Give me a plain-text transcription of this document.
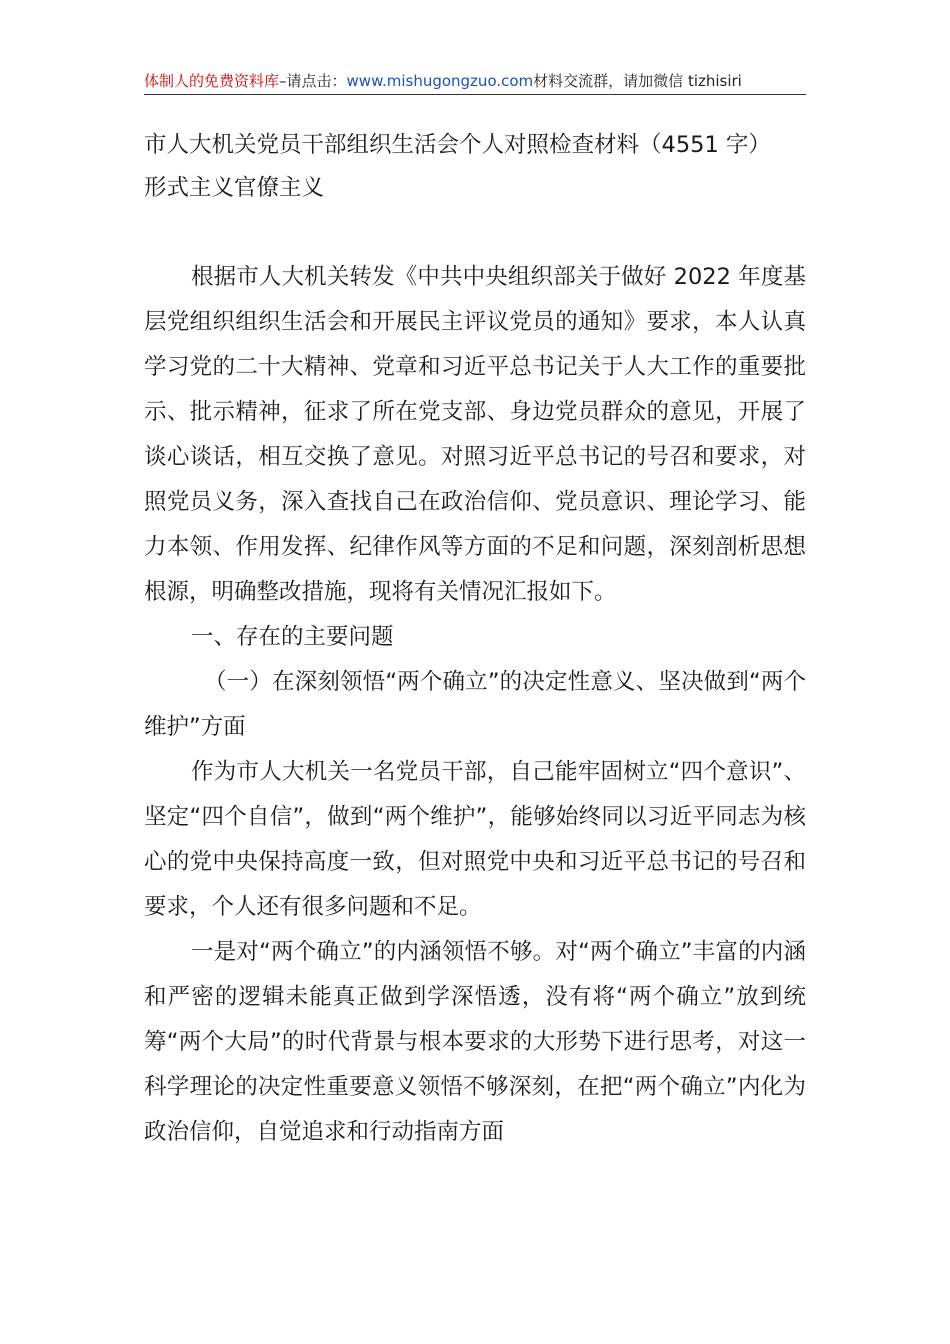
体制人的免费资料库–请点击：www.mishugongzuo.com材料交流群，请加微信 tizhisiri

市人大机关党员干部组织生活会个人对照检查材料（4551 字）

形式主义官僚主义

根据市人大机关转发《中共中央组织部关于做好 2022 年度基层党组织组织生活会和开展民主评议党员的通知》要求，本人认真学习党的二十大精神、党章和习近平总书记关于人大工作的重要批示、批示精神，征求了所在党支部、身边党员群众的意见，开展了谈心谈话，相互交换了意见。对照习近平总书记的号召和要求，对照党员义务，深入查找自己在政治信仰、党员意识、理论学习、能力本领、作用发挥、纪律作风等方面的不足和问题，深刻剖析思想根源，明确整改措施，现将有关情况汇报如下。

一、存在的主要问题

（一）在深刻领悟“两个确立”的决定性意义、坚决做到“两个维护”方面

作为市人大机关一名党员干部，自己能牢固树立“四个意识”、坚定“四个自信”，做到“两个维护”，能够始终同以习近平同志为核心的党中央保持高度一致，但对照党中央和习近平总书记的号召和要求，个人还有很多问题和不足。

一是对“两个确立”的内涵领悟不够。对“两个确立”丰富的内涵和严密的逻辑未能真正做到学深悟透，没有将“两个确立”放到统筹“两个大局”的时代背景与根本要求的大形势下进行思考，对这一科学理论的决定性重要意义领悟不够深刻，在把“两个确立”内化为政治信仰，自觉追求和行动指南方面
